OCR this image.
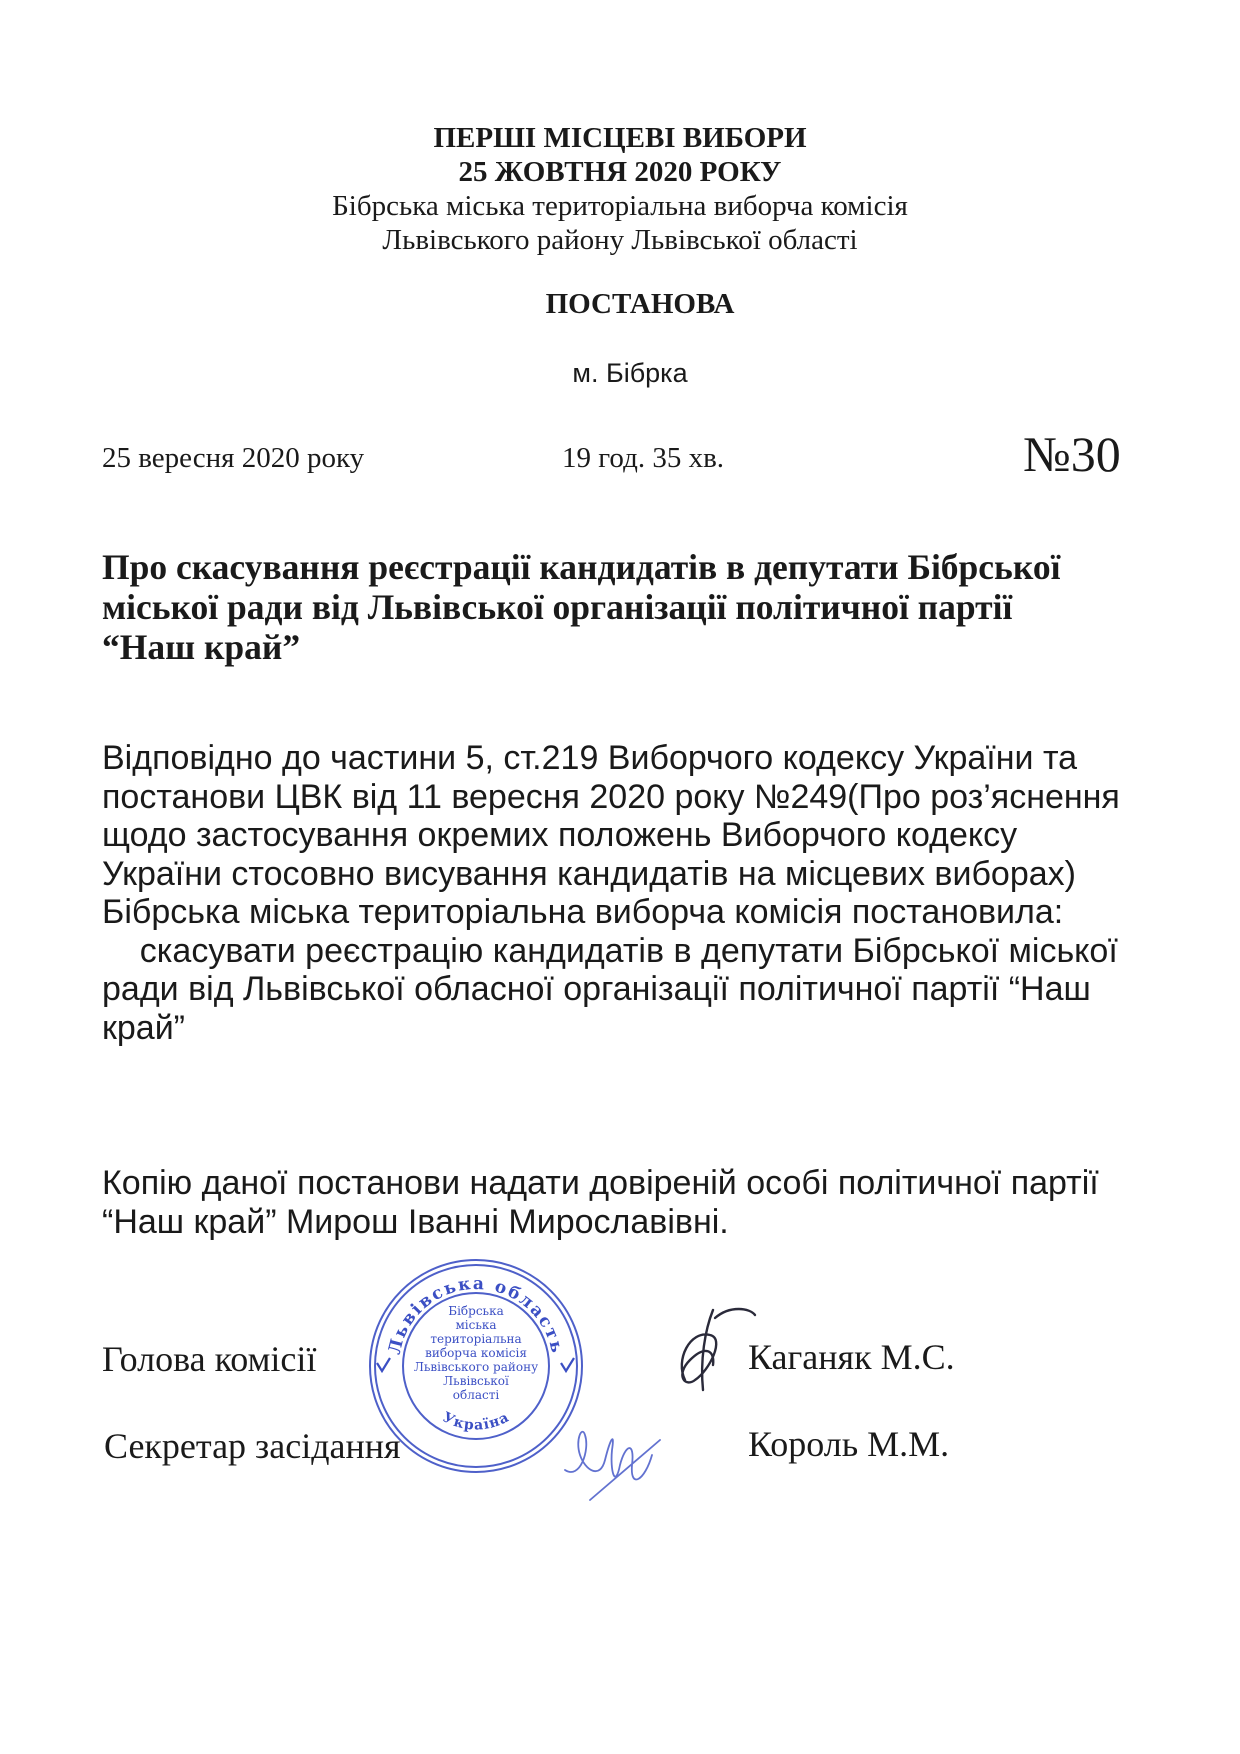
ПЕРШІ МІСЦЕВІ ВИБОРИ
25 ЖОВТНЯ 2020 РОКУ
Бібрська міська територіальна виборча комісія
Львівського району Львівської області
ПОСТАНОВА
м. Бібрка
25 вересня 2020 року	19 год. 35 хв.	№30
Про скасування реєстрації кандидатів в депутати Бібрської
міської ради від Львівської організації політичної партії
“Наш край”
Відповідно до частини 5, ст.219 Виборчого кодексу України та
постанови ЦВК від 11 вересня 2020 року №249(Про роз’яснення
щодо застосування окремих положень Виборчого кодексу
України стосовно висування кандидатів на місцевих виборах)
Бібрська міська територіальна виборча комісія постановила:
скасувати реєстрацію кандидатів в депутати Бібрської міської
ради від Львівської обласної організації політичної партії “Наш
край”
Копію даної постанови надати довіреній особі політичної партії
“Наш край” Мирош Іванні Мирославівні.
Голова комісії	Каганяк М.С.
Секретар засідання	Король М.М.
Львівська область
Україна
Бібрська
міська
територіальна
виборча комісія
Львівського району
Львівської
області
